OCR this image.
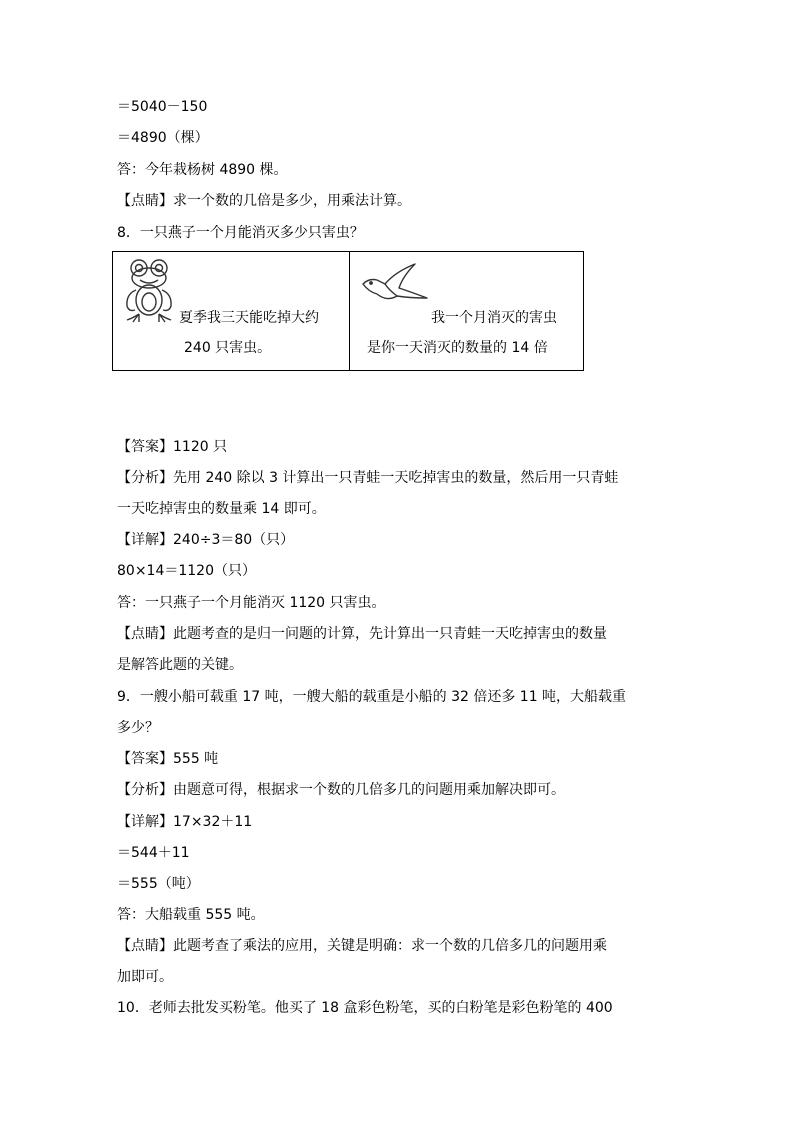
＝5040－150
＝4890（棵）
答：今年栽杨树 4890 棵。
【点睛】求一个数的几倍是多少，用乘法计算。
8．一只燕子一个月能消灭多少只害虫？
夏季我三天能吃掉大约
240 只害虫。
我一个月消灭的害虫
是你一天消灭的数量的 14 倍
【答案】1120 只
【分析】先用 240 除以 3 计算出一只青蛙一天吃掉害虫的数量，然后用一只青蛙
一天吃掉害虫的数量乘 14 即可。
【详解】240÷3＝80（只）
80×14＝1120（只）
答：一只燕子一个月能消灭 1120 只害虫。
【点睛】此题考查的是归一问题的计算，先计算出一只青蛙一天吃掉害虫的数量
是解答此题的关键。
9．一艘小船可载重 17 吨，一艘大船的载重是小船的 32 倍还多 11 吨，大船载重
多少？
【答案】555 吨
【分析】由题意可得，根据求一个数的几倍多几的问题用乘加解决即可。
【详解】17×32＋11
＝544＋11
＝555（吨）
答：大船载重 555 吨。
【点睛】此题考查了乘法的应用，关键是明确：求一个数的几倍多几的问题用乘
加即可。
10．老师去批发买粉笔。他买了 18 盒彩色粉笔，买的白粉笔是彩色粉笔的 400
